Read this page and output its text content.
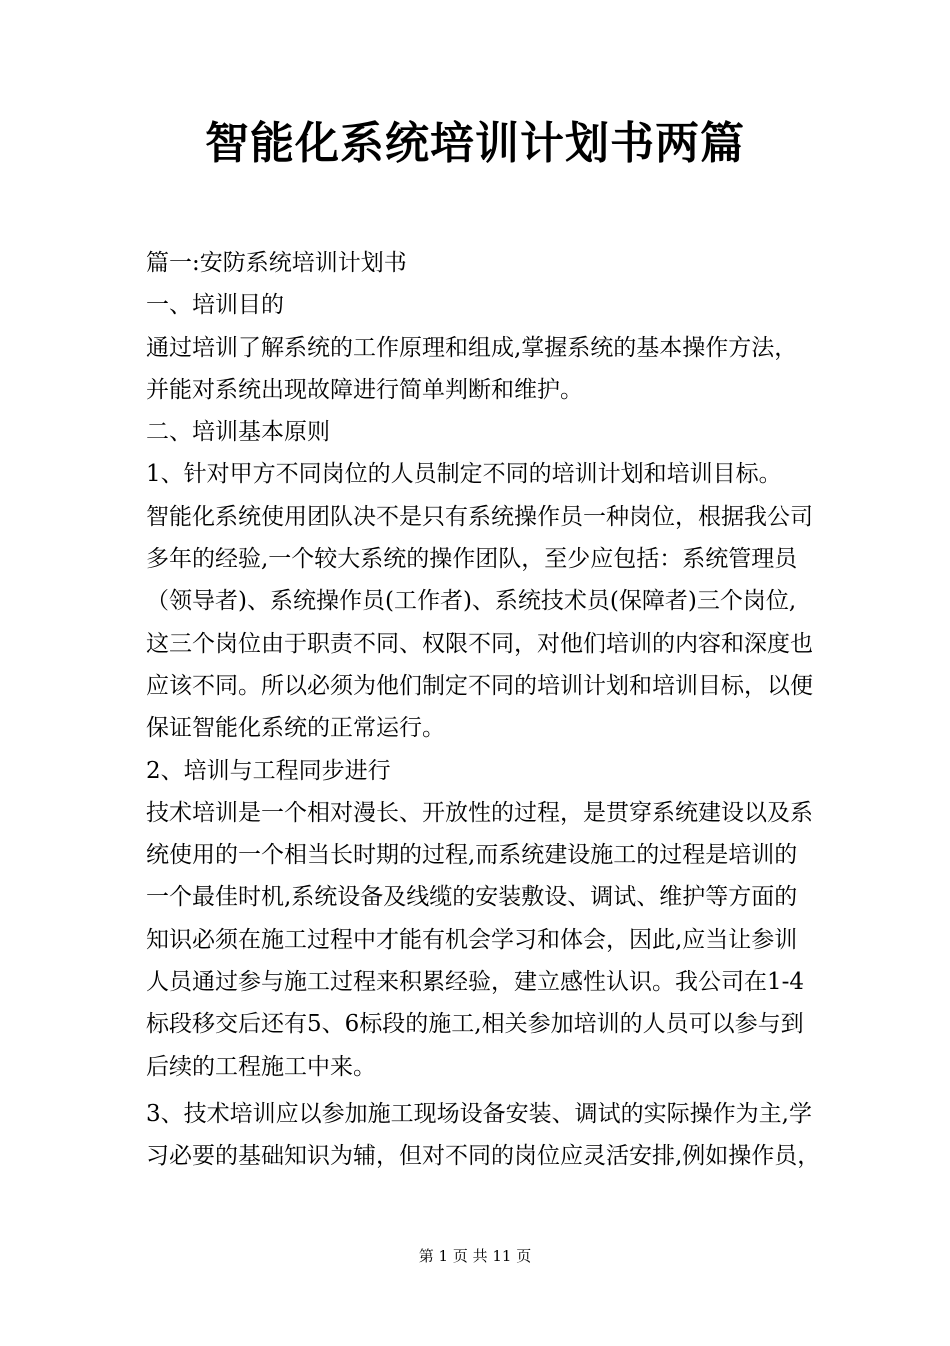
智能化系统培训计划书两篇

篇一:安防系统培训计划书

一、培训目的

通过培训了解系统的工作原理和组成,掌握系统的基本操作方法，

并能对系统出现故障进行简单判断和维护。

二、培训基本原则

1、针对甲方不同岗位的人员制定不同的培训计划和培训目标。

智能化系统使用团队决不是只有系统操作员一种岗位，根据我公司

多年的经验,一个较大系统的操作团队，至少应包括：系统管理员

（领导者)、系统操作员(工作者)、系统技术员(保障者)三个岗位,

这三个岗位由于职责不同、权限不同，对他们培训的内容和深度也

应该不同。所以必须为他们制定不同的培训计划和培训目标，以便

保证智能化系统的正常运行。

2、培训与工程同步进行

技术培训是一个相对漫长、开放性的过程，是贯穿系统建设以及系

统使用的一个相当长时期的过程,而系统建设施工的过程是培训的

一个最佳时机,系统设备及线缆的安装敷设、调试、维护等方面的

知识必须在施工过程中才能有机会学习和体会，因此,应当让参训

人员通过参与施工过程来积累经验，建立感性认识。我公司在1-4

标段移交后还有5、6标段的施工,相关参加培训的人员可以参与到

后续的工程施工中来。

3、技术培训应以参加施工现场设备安装、调试的实际操作为主,学

习必要的基础知识为辅，但对不同的岗位应灵活安排,例如操作员，

第 1 页 共 11 页
